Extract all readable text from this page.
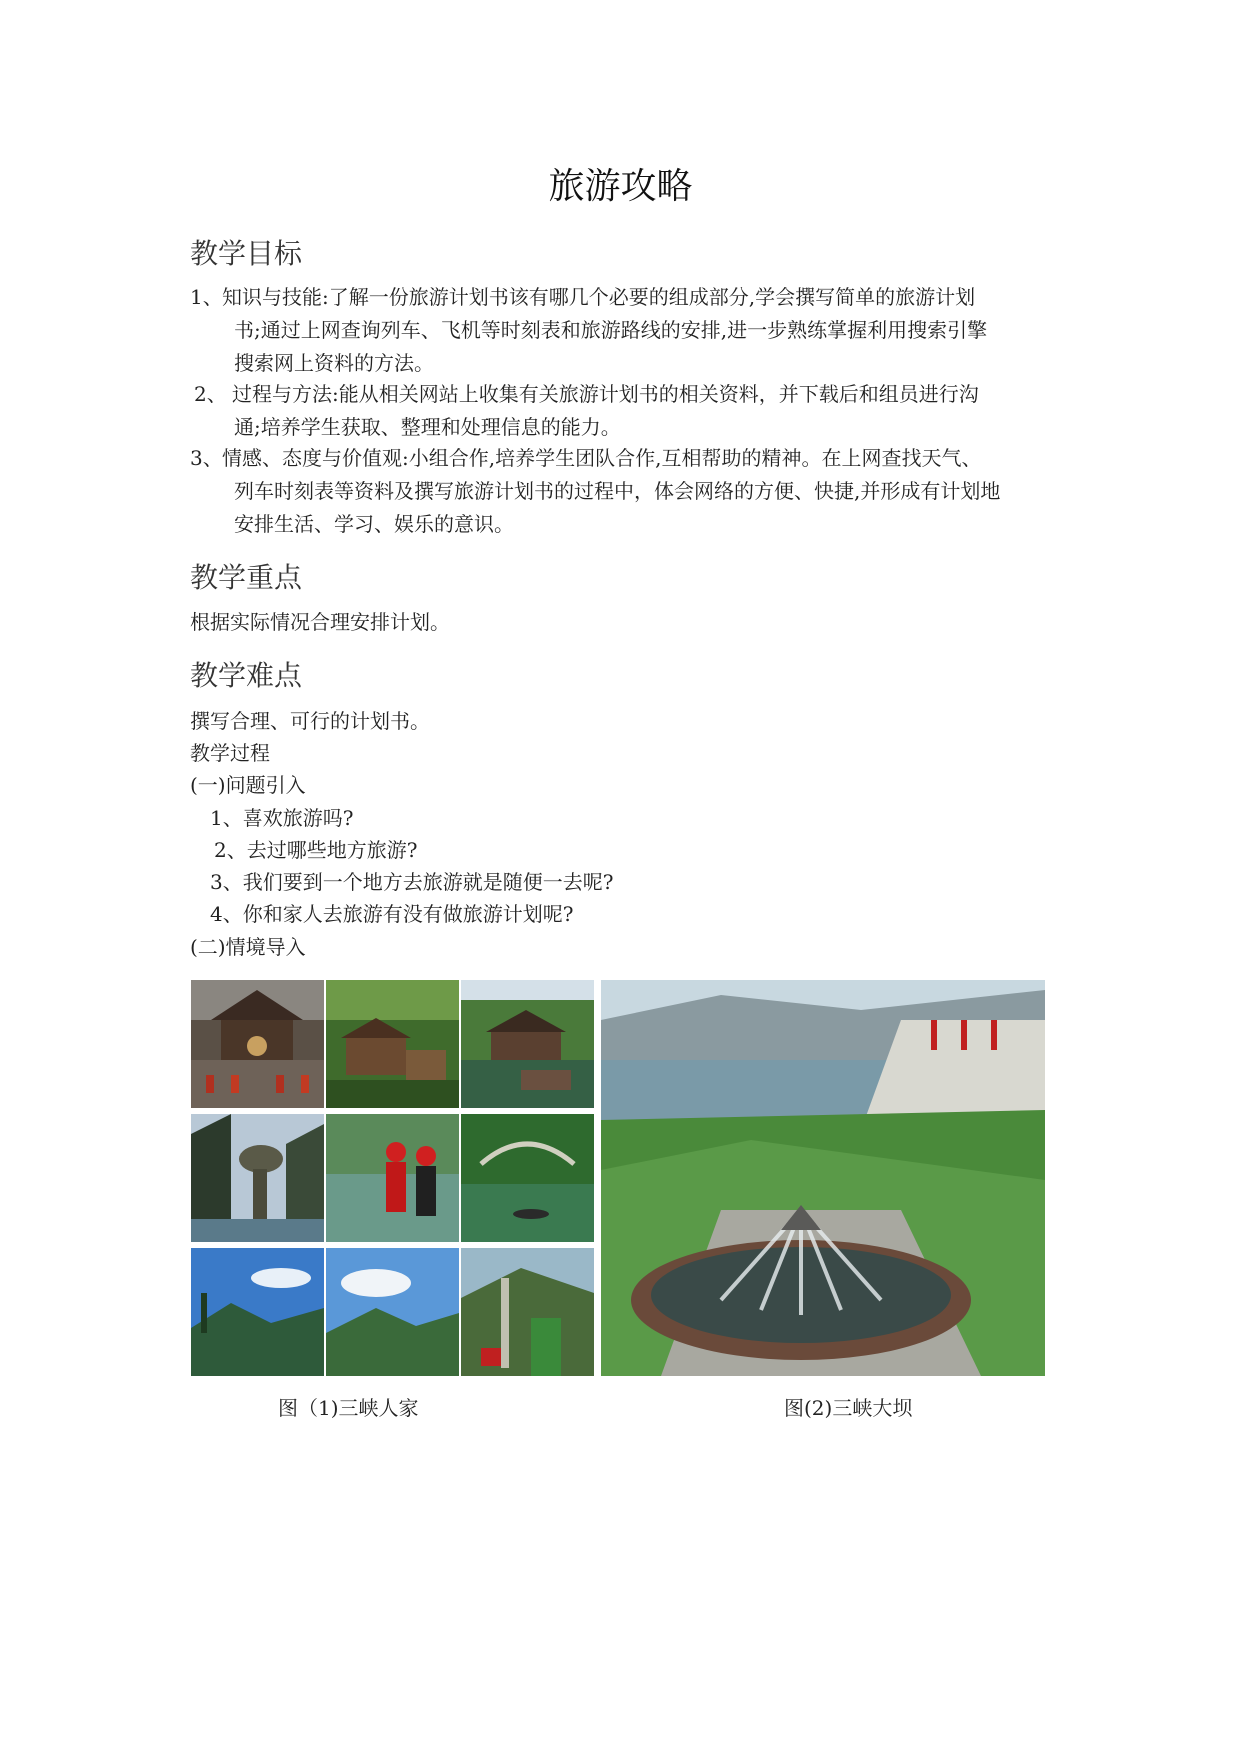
旅游攻略
教学目标
1、 知识与技能:了解一份旅游计划书该有哪几个必要的组成部分,学会撰写简单的旅游计划
书;通过上网查询列车、飞机等时刻表和旅游路线的安排,进一步熟练掌握利用搜索引擎
搜索网上资料的方法。
2、 过程与方法:能从相关网站上收集有关旅游计划书的相关资料，并下载后和组员进行沟
通;培养学生获取、整理和处理信息的能力。
3、 情感、态度与价值观:小组合作,培养学生团队合作,互相帮助的精神。在上网查找天气、
列车时刻表等资料及撰写旅游计划书的过程中，体会网络的方便、快捷,并形成有计划地
安排生活、学习、娱乐的意识。
教学重点
根据实际情况合理安排计划。
教学难点
撰写合理、可行的计划书。
教学过程
(一)问题引入
1、喜欢旅游吗?
2、去过哪些地方旅游?
3、我们要到一个地方去旅游就是随便一去呢?
4、你和家人去旅游有没有做旅游计划呢?
(二)情境导入
图（1)三峡人家	图(2)三峡大坝
